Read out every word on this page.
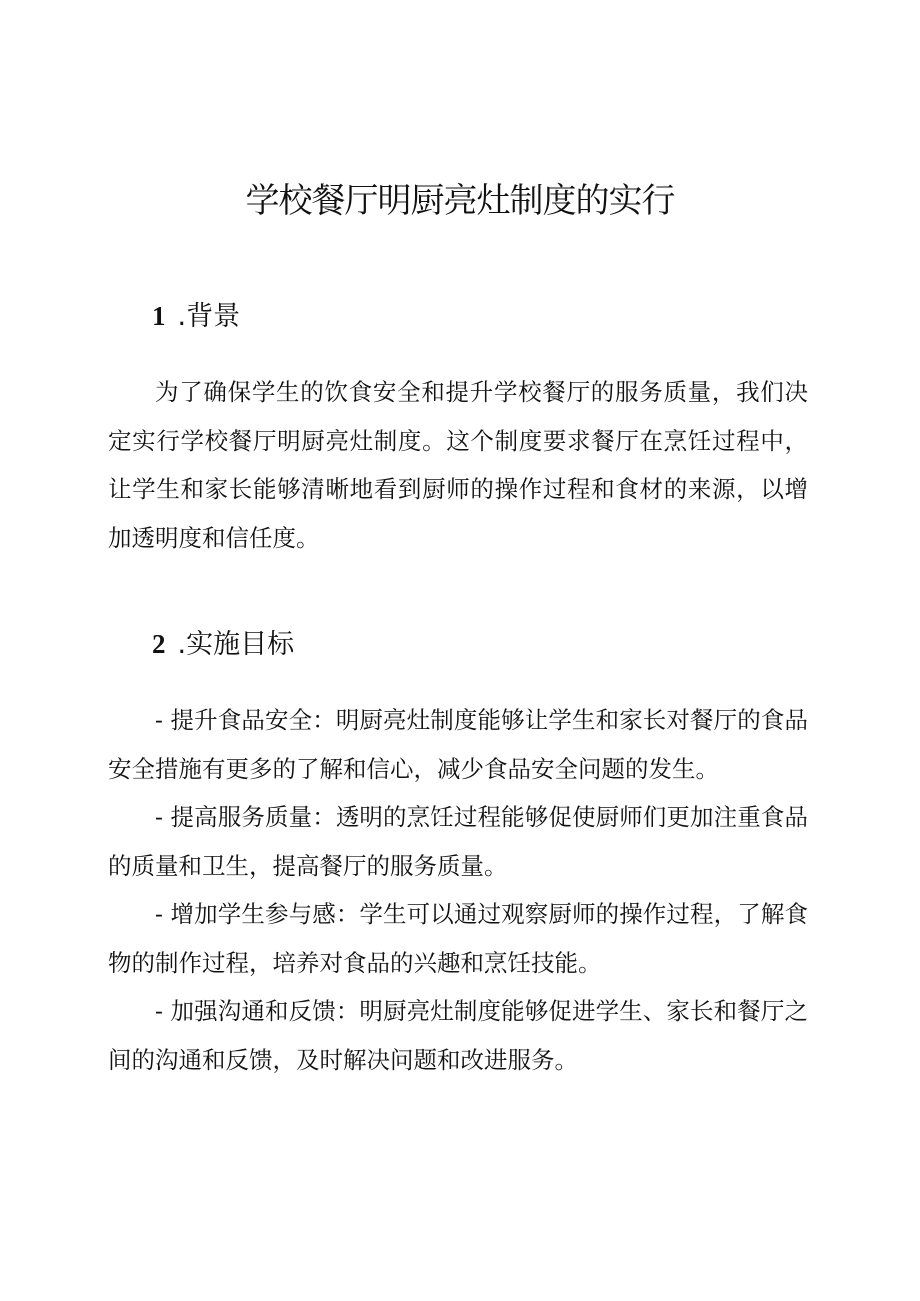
学校餐厅明厨亮灶制度的实行
1 .背景

为了确保学生的饮食安全和提升学校餐厅的服务质量，我们决定实行学校餐厅明厨亮灶制度。这个制度要求餐厅在烹饪过程中，让学生和家长能够清晰地看到厨师的操作过程和食材的来源，以增加透明度和信任度。

2 .实施目标
- 提升食品安全：明厨亮灶制度能够让学生和家长对餐厅的食品安全措施有更多的了解和信心，减少食品安全问题的发生。
- 提高服务质量：透明的烹饪过程能够促使厨师们更加注重食品的质量和卫生，提高餐厅的服务质量。
- 增加学生参与感：学生可以通过观察厨师的操作过程，了解食物的制作过程，培养对食品的兴趣和烹饪技能。
- 加强沟通和反馈：明厨亮灶制度能够促进学生、家长和餐厅之间的沟通和反馈，及时解决问题和改进服务。
